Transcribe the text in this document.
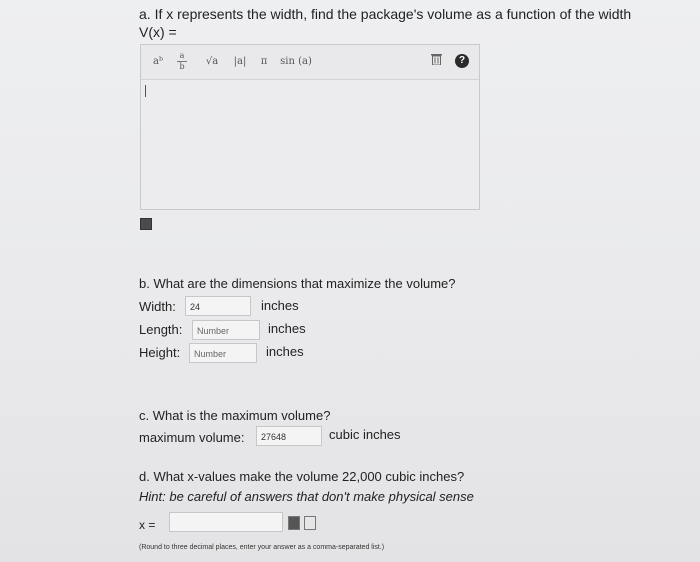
a. If x represents the width, find the package's volume as a function of the width
V(x) =
aᵇ
a
b	√a	|a|	π	sin (a)	?
b. What are the dimensions that maximize the volume?
Width:	24	inches
Length:	Number	inches
Height:	Number	inches
c. What is the maximum volume?
maximum volume:	27648	cubic inches
d. What x-values make the volume 22,000 cubic inches?
Hint: be careful of answers that don't make physical sense
x =
(Round to three decimal places, enter your answer as a comma-separated list.)
